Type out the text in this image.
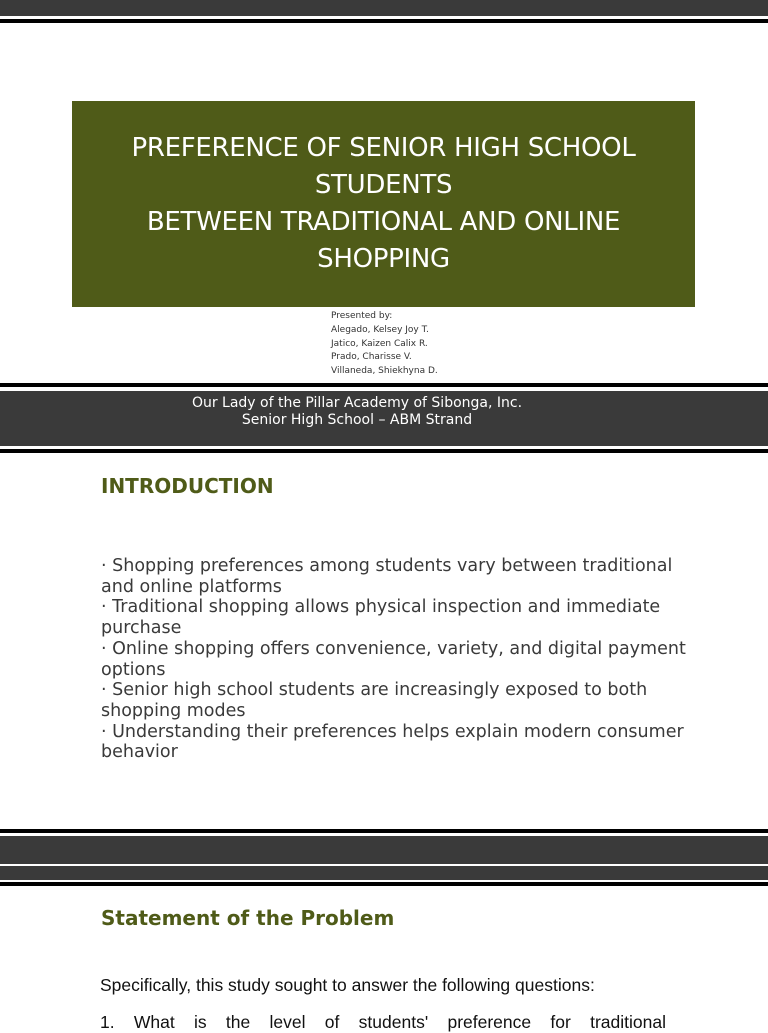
PREFERENCE OF SENIOR HIGH SCHOOL
STUDENTS
BETWEEN TRADITIONAL AND ONLINE
SHOPPING
Presented by:
Alegado, Kelsey Joy T.
Jatico, Kaizen Calix R.
Prado, Charisse V.
Villaneda, Shiekhyna D.
Our Lady of the Pillar Academy of Sibonga, Inc.
Senior High School – ABM Strand
INTRODUCTION

· Shopping preferences among students vary between traditional and online platforms

· Traditional shopping allows physical inspection and immediate purchase

· Online shopping offers convenience, variety, and digital payment options

· Senior high school students are increasingly exposed to both shopping modes

· Understanding their preferences helps explain modern consumer behavior

Statement of the Problem
Specifically, this study sought to answer the following questions:
1. What is the level of students' preference for traditional
